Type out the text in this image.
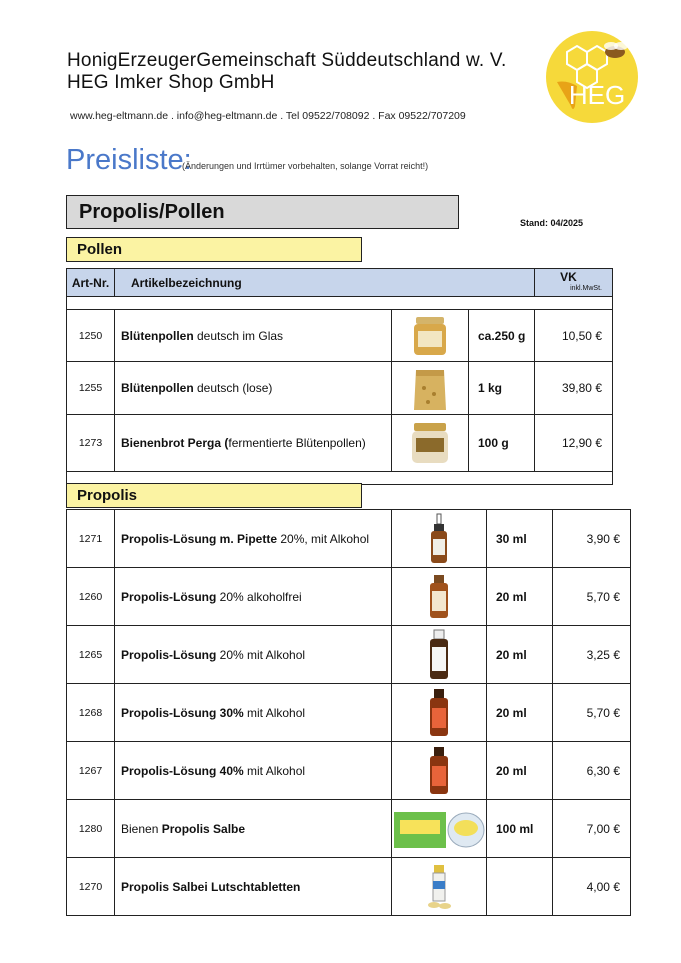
HonigErzeugerGemeinschaft Süddeutschland w. V.
HEG Imker Shop GmbH
www.heg-eltmann.de . info@heg-eltmann.de . Tel 09522/708092 . Fax 09522/707209
HEG
Preisliste:
(Änderungen und Irrtümer vorbehalten, solange Vorrat reicht!)
Propolis/Pollen	Stand: 04/2025
Pollen
Art-Nr.	Artikelbezeichnung			VK
inkl.MwSt.

1250	Blütenpollen deutsch im Glas		ca.250 g	10,50 €
1255	Blütenpollen deutsch (lose)		1 kg	39,80 €
1273	Bienenbrot Perga (fermentierte Blütenpollen)		100 g	12,90 €

Propolis
1271	Propolis-Lösung m. Pipette 20%, mit Alkohol		30 ml	3,90 €
1260	Propolis-Lösung 20% alkoholfrei		20 ml	5,70 €
1265	Propolis-Lösung 20% mit Alkohol		20 ml	3,25 €
1268	Propolis-Lösung 30% mit Alkohol		20 ml	5,70 €
1267	Propolis-Lösung 40% mit Alkohol		20 ml	6,30 €
1280	Bienen Propolis Salbe		100 ml	7,00 €
1270	Propolis Salbei Lutschtabletten			4,00 €
